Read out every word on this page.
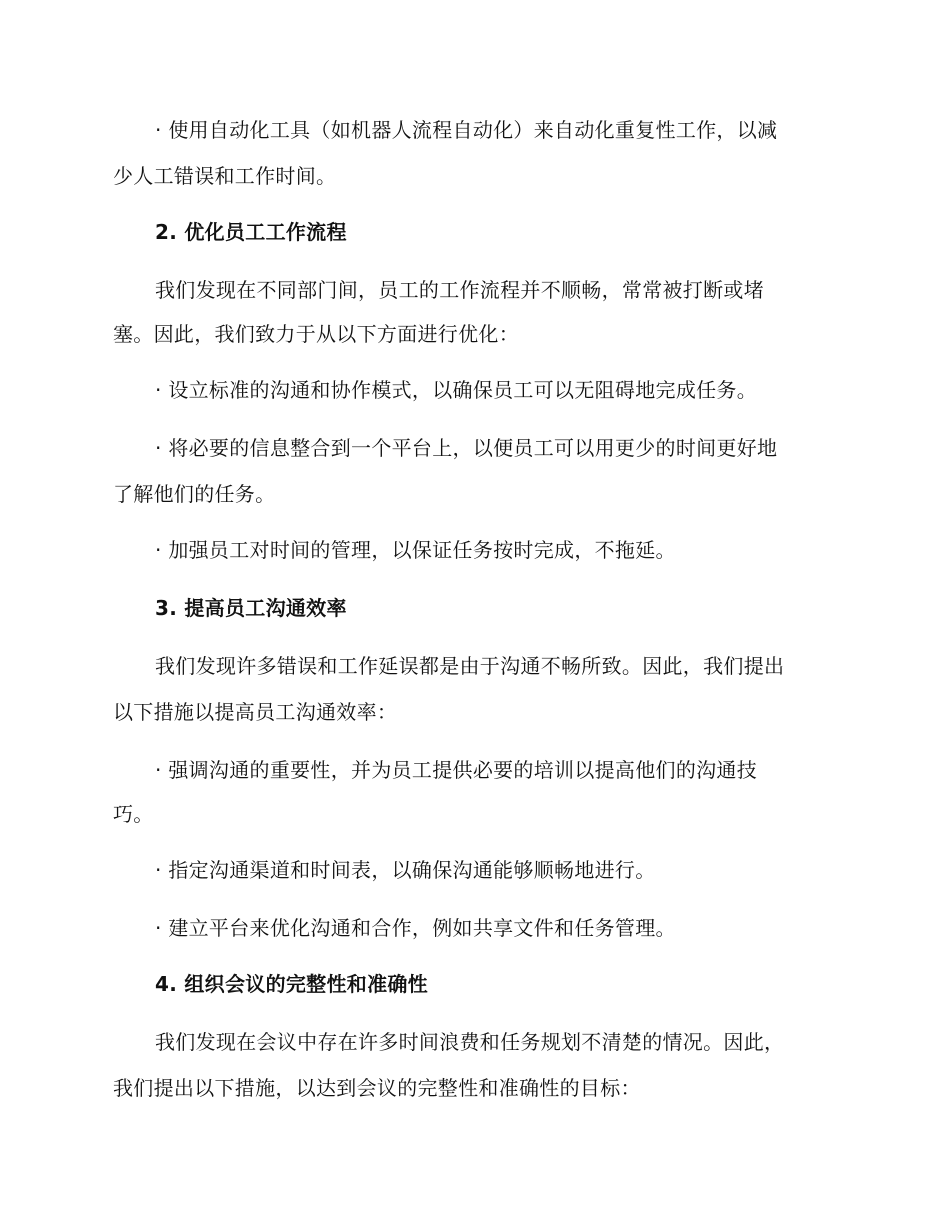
· 使用自动化工具（如机器人流程自动化）来自动化重复性工作，以减
少人工错误和工作时间。
2. 优化员工工作流程
我们发现在不同部门间，员工的工作流程并不顺畅，常常被打断或堵
塞。因此，我们致力于从以下方面进行优化：
· 设立标准的沟通和协作模式，以确保员工可以无阻碍地完成任务。
· 将必要的信息整合到一个平台上，以便员工可以用更少的时间更好地
了解他们的任务。
· 加强员工对时间的管理，以保证任务按时完成，不拖延。
3. 提高员工沟通效率
我们发现许多错误和工作延误都是由于沟通不畅所致。因此，我们提出
以下措施以提高员工沟通效率：
· 强调沟通的重要性，并为员工提供必要的培训以提高他们的沟通技
巧。
· 指定沟通渠道和时间表，以确保沟通能够顺畅地进行。
· 建立平台来优化沟通和合作，例如共享文件和任务管理。
4. 组织会议的完整性和准确性
我们发现在会议中存在许多时间浪费和任务规划不清楚的情况。因此，
我们提出以下措施，以达到会议的完整性和准确性的目标：
